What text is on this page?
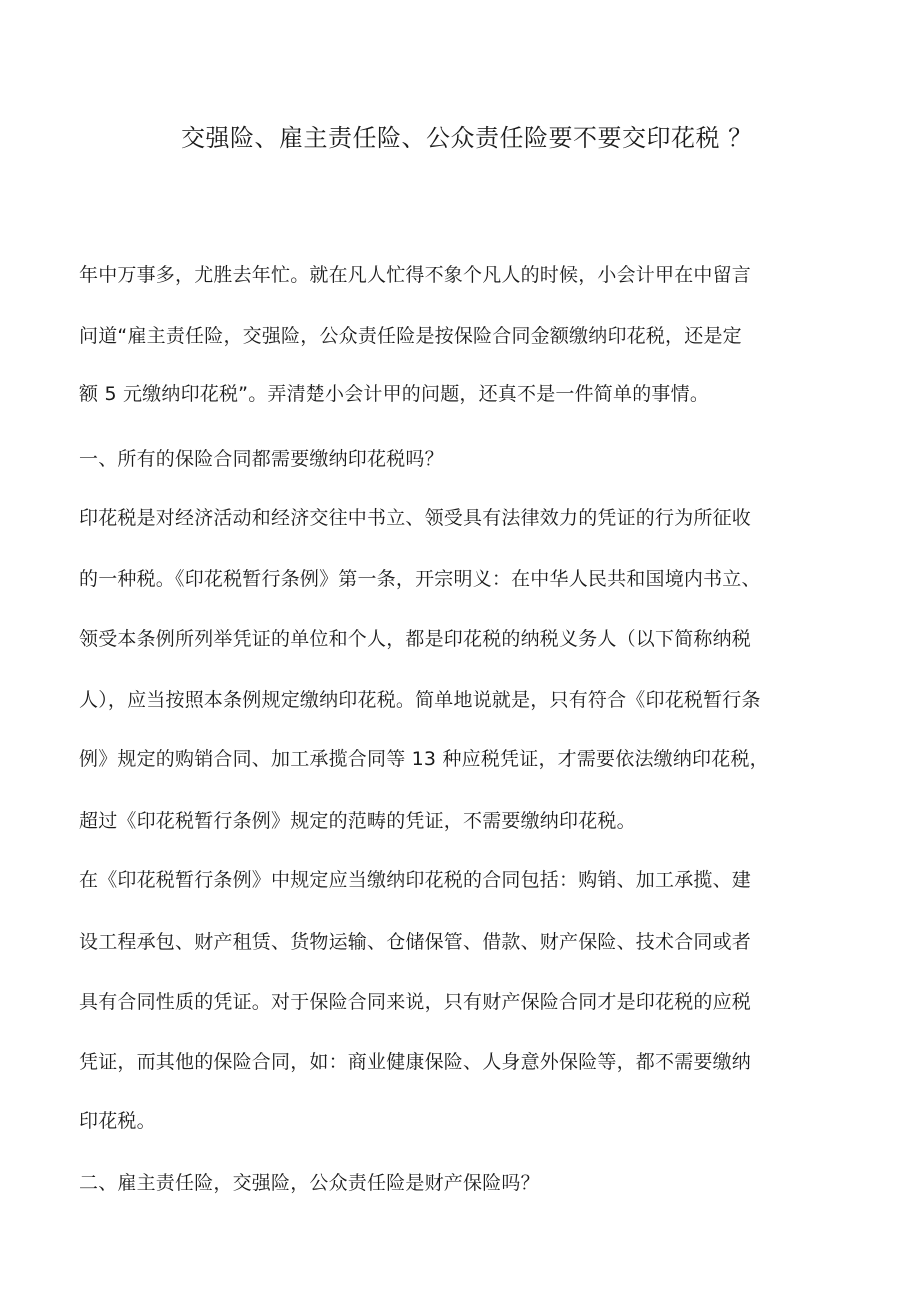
交强险、雇主责任险、公众责任险要不要交印花税 ？
年中万事多，尤胜去年忙。就在凡人忙得不象个凡人的时候，小会计甲在中留言
问道“雇主责任险，交强险，公众责任险是按保险合同金额缴纳印花税，还是定
额 5 元缴纳印花税”。弄清楚小会计甲的问题，还真不是一件简单的事情。
一、所有的保险合同都需要缴纳印花税吗？
印花税是对经济活动和经济交往中书立、领受具有法律效力的凭证的行为所征收
的一种税。《印花税暂行条例》第一条，开宗明义：在中华人民共和国境内书立、
领受本条例所列举凭证的单位和个人，都是印花税的纳税义务人（以下简称纳税
人），应当按照本条例规定缴纳印花税。简单地说就是，只有符合《印花税暂行条
例》规定的购销合同、加工承揽合同等 13 种应税凭证，才需要依法缴纳印花税，
超过《印花税暂行条例》规定的范畴的凭证，不需要缴纳印花税。
在《印花税暂行条例》中规定应当缴纳印花税的合同包括：购销、加工承揽、建
设工程承包、财产租赁、货物运输、仓储保管、借款、财产保险、技术合同或者
具有合同性质的凭证。对于保险合同来说，只有财产保险合同才是印花税的应税
凭证，而其他的保险合同，如：商业健康保险、人身意外保险等，都不需要缴纳
印花税。
二、雇主责任险，交强险，公众责任险是财产保险吗？
